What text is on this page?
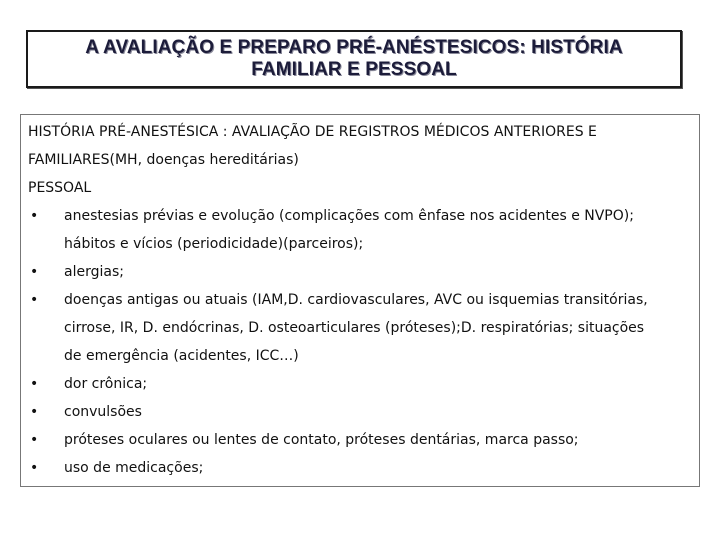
A AVALIAÇÃO E PREPARO PRÉ-ANÉSTESICOS: HISTÓRIA
FAMILIAR E PESSOAL
HISTÓRIA PRÉ-ANESTÉSICA : AVALIAÇÃO DE REGISTROS MÉDICOS ANTERIORES E
FAMILIARES(MH, doenças hereditárias)
PESSOAL
•	anestesias prévias e evolução (complicações com ênfase nos acidentes e NVPO);
hábitos e vícios (periodicidade)(parceiros);
•	alergias;
•	doenças antigas ou atuais (IAM,D. cardiovasculares, AVC ou isquemias transitórias,
cirrose, IR, D. endócrinas, D. osteoarticulares (próteses);D. respiratórias; situações
de emergência (acidentes, ICC…)
•	dor crônica;
•	convulsões
•	próteses oculares ou lentes de contato, próteses dentárias, marca passo;
•	uso de medicações;
